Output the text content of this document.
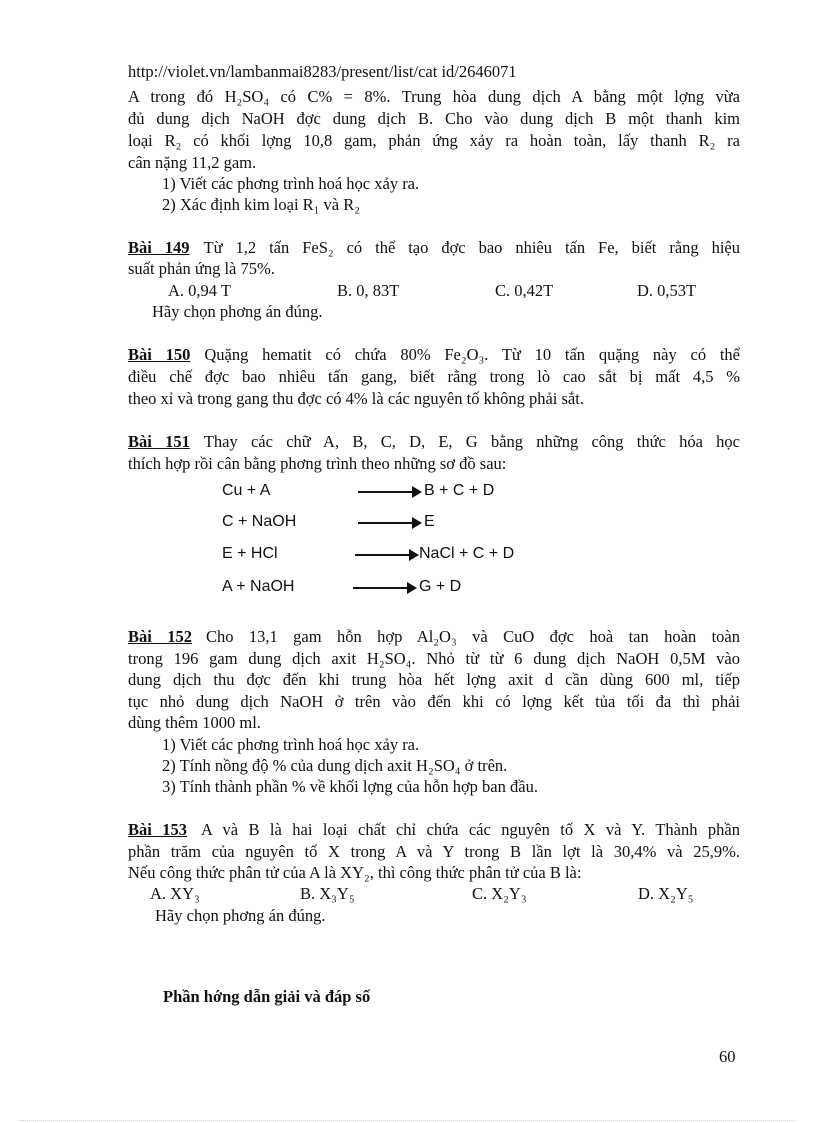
http://violet.vn/lambanmai8283/present/list/cat id/2646071
A trong đó H₂SO₄ có C% = 8%. Trung hòa dung dịch A bằng một lợng vừa
đủ dung dịch NaOH đợc dung dịch B. Cho vào dung dịch B một thanh kim
loại R₂ có khối lợng 10,8 gam, phản ứng xảy ra hoàn toàn, lấy thanh R₂ ra
cân nặng 11,2 gam.
1) Viết các phơng trình hoá học xảy ra.
2) Xác định kim loại R₁ và R₂
Bài 149 Từ 1,2 tấn FeS₂ có thể tạo đợc bao nhiêu tấn Fe, biết rằng hiệu
suất phản ứng là 75%.
A. 0,94 T	B. 0, 83T	C. 0,42T	D. 0,53T
Hãy chọn phơng án đúng.
Bài 150 Quặng hematit có chứa 80% Fe₂O₃. Từ 10 tấn quặng này có thể
điều chế đợc bao nhiêu tấn gang, biết rằng trong lò cao sắt bị mất 4,5 %
theo xỉ và trong gang thu đợc có 4% là các nguyên tố không phải sắt.
Bài 151 Thay các chữ A, B, C, D, E, G bằng những công thức hóa học
thích hợp rồi cân bằng phơng trình theo những sơ đồ sau:
Cu + A	B + C + D
C + NaOH	E
E + HCl	NaCl + C + D
A + NaOH	G + D
Bài 152 Cho 13,1 gam hỗn hợp Al₂O₃ và CuO đợc hoà tan hoàn toàn
trong 196 gam dung dịch axit H₂SO₄. Nhỏ từ từ 6 dung dịch NaOH 0,5M vào
dung dịch thu đợc đến khi trung hòa hết lợng axit d cần dùng 600 ml, tiếp
tục nhỏ dung dịch NaOH ở trên vào đến khi có lợng kết tủa tối đa thì phải
dùng thêm 1000 ml.
1) Viết các phơng trình hoá học xảy ra.
2) Tính nồng độ % của dung dịch axit H₂SO₄ ở trên.
3) Tính thành phần % về khối lợng của hỗn hợp ban đầu.
Bài 153 A và B là hai loại chất chỉ chứa các nguyên tố X và Y. Thành phần
phần trăm của nguyên tố X trong A và Y trong B lần lợt là 30,4% và 25,9%.
Nếu công thức phân tử của A là XY₂, thì công thức phân tử của B là:
A. XY₃	B. X₃Y₅	C. X₂Y₃	D. X₂Y₅
Hãy chọn phơng án đúng.
Phần hớng dẫn giải và đáp số
60
